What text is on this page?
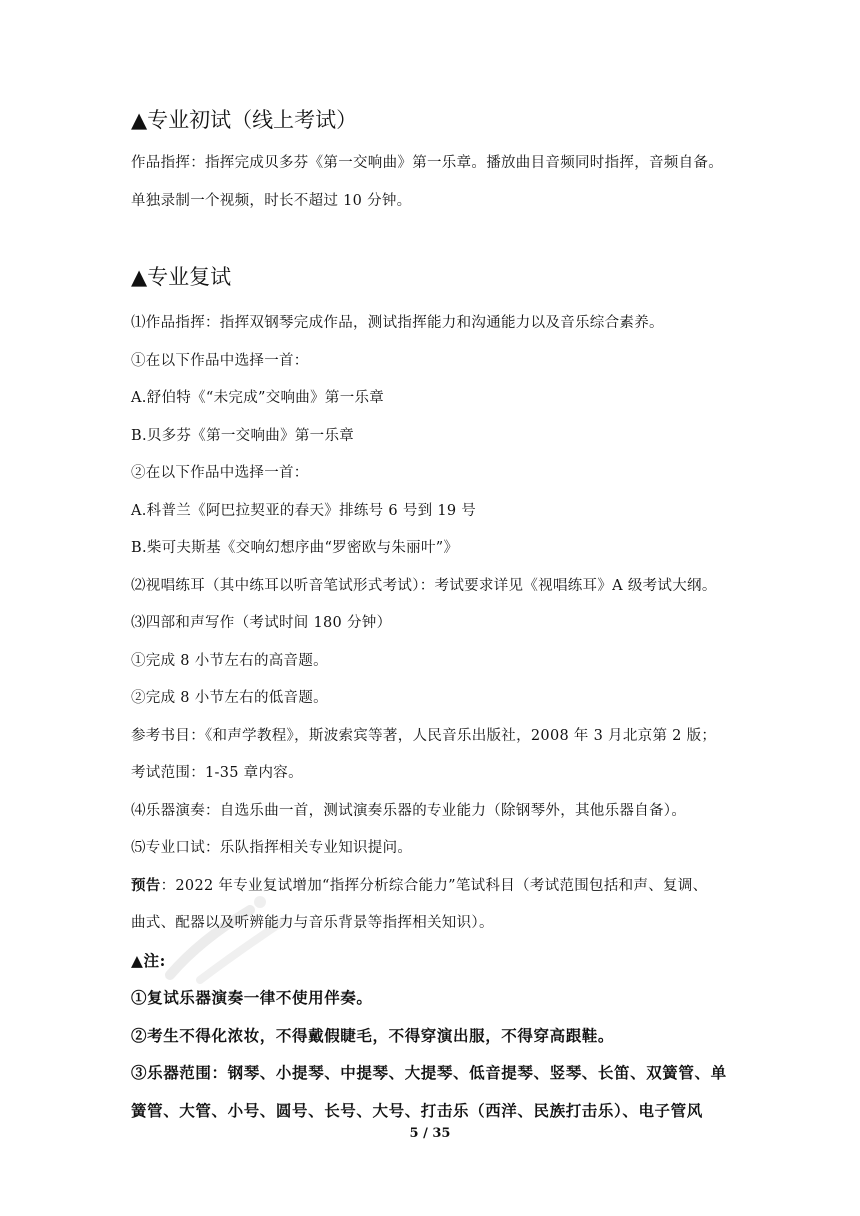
▲专业初试（线上考试）
作品指挥：指挥完成贝多芬《第一交响曲》第一乐章。播放曲目音频同时指挥，音频自备。
单独录制一个视频，时长不超过 10 分钟。
▲专业复试
⑴作品指挥：指挥双钢琴完成作品，测试指挥能力和沟通能力以及音乐综合素养。
①在以下作品中选择一首：
A.舒伯特《“未完成”交响曲》第一乐章
B.贝多芬《第一交响曲》第一乐章
②在以下作品中选择一首：
A.科普兰《阿巴拉契亚的春天》排练号 6 号到 19 号
B.柴可夫斯基《交响幻想序曲“罗密欧与朱丽叶”》
⑵视唱练耳（其中练耳以听音笔试形式考试）：考试要求详见《视唱练耳》A 级考试大纲。
⑶四部和声写作（考试时间 180 分钟）
①完成 8 小节左右的高音题。
②完成 8 小节左右的低音题。
参考书目：《和声学教程》，斯波索宾等著，人民音乐出版社，2008 年 3 月北京第 2 版；
考试范围：1-35 章内容。
⑷乐器演奏：自选乐曲一首，测试演奏乐器的专业能力（除钢琴外，其他乐器自备）。
⑸专业口试：乐队指挥相关专业知识提问。
预告：2022 年专业复试增加“指挥分析综合能力”笔试科目（考试范围包括和声、复调、
曲式、配器以及听辨能力与音乐背景等指挥相关知识）。
▲注:
①复试乐器演奏一律不使用伴奏。
②考生不得化浓妆，不得戴假睫毛，不得穿演出服，不得穿高跟鞋。
③乐器范围：钢琴、小提琴、中提琴、大提琴、低音提琴、竖琴、长笛、双簧管、单
簧管、大管、小号、圆号、长号、大号、打击乐（西洋、民族打击乐）、电子管风
5 / 35
